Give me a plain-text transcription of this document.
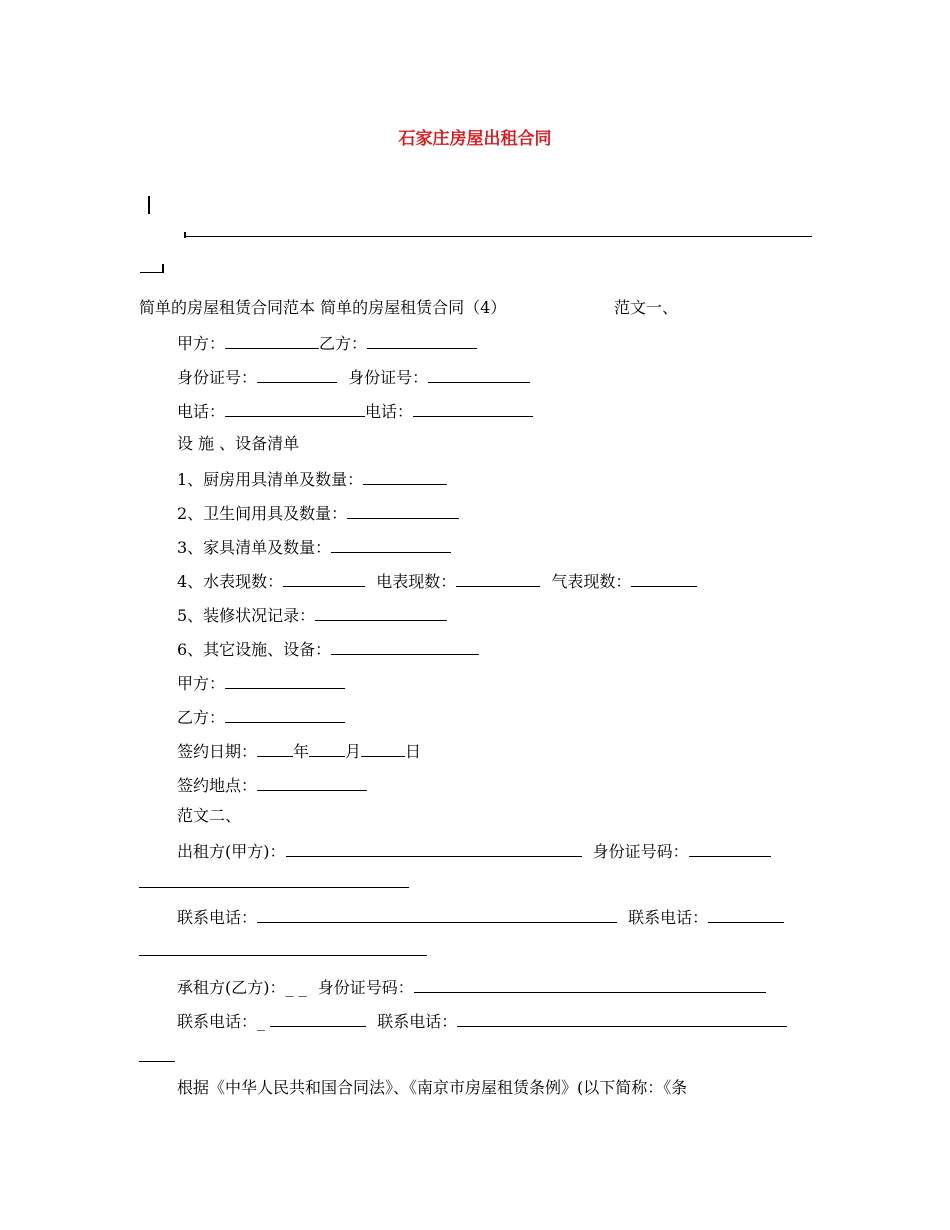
石家庄房屋出租合同
简单的房屋租赁合同范本 简单的房屋租赁合同（4）	范文一、
甲方：	乙方：
身份证号：	身份证号：
电话：	电话：
设 施 、设备清单
1、厨房用具清单及数量：
2、卫生间用具及数量：
3、家具清单及数量：
4、水表现数：	电表现数：	气表现数：
5、装修状况记录：
6、其它设施、设备：
甲方：
乙方：
签约日期： 年 月	日
签约地点：
范文二、
出租方(甲方)：	身份证号码：
联系电话：	联系电话：
承租方(乙方)：_ _ 身份证号码：
联系电话：_	联系电话：
根据《中华人民共和国合同法》、《南京市房屋租赁条例》(以下简称：《条
